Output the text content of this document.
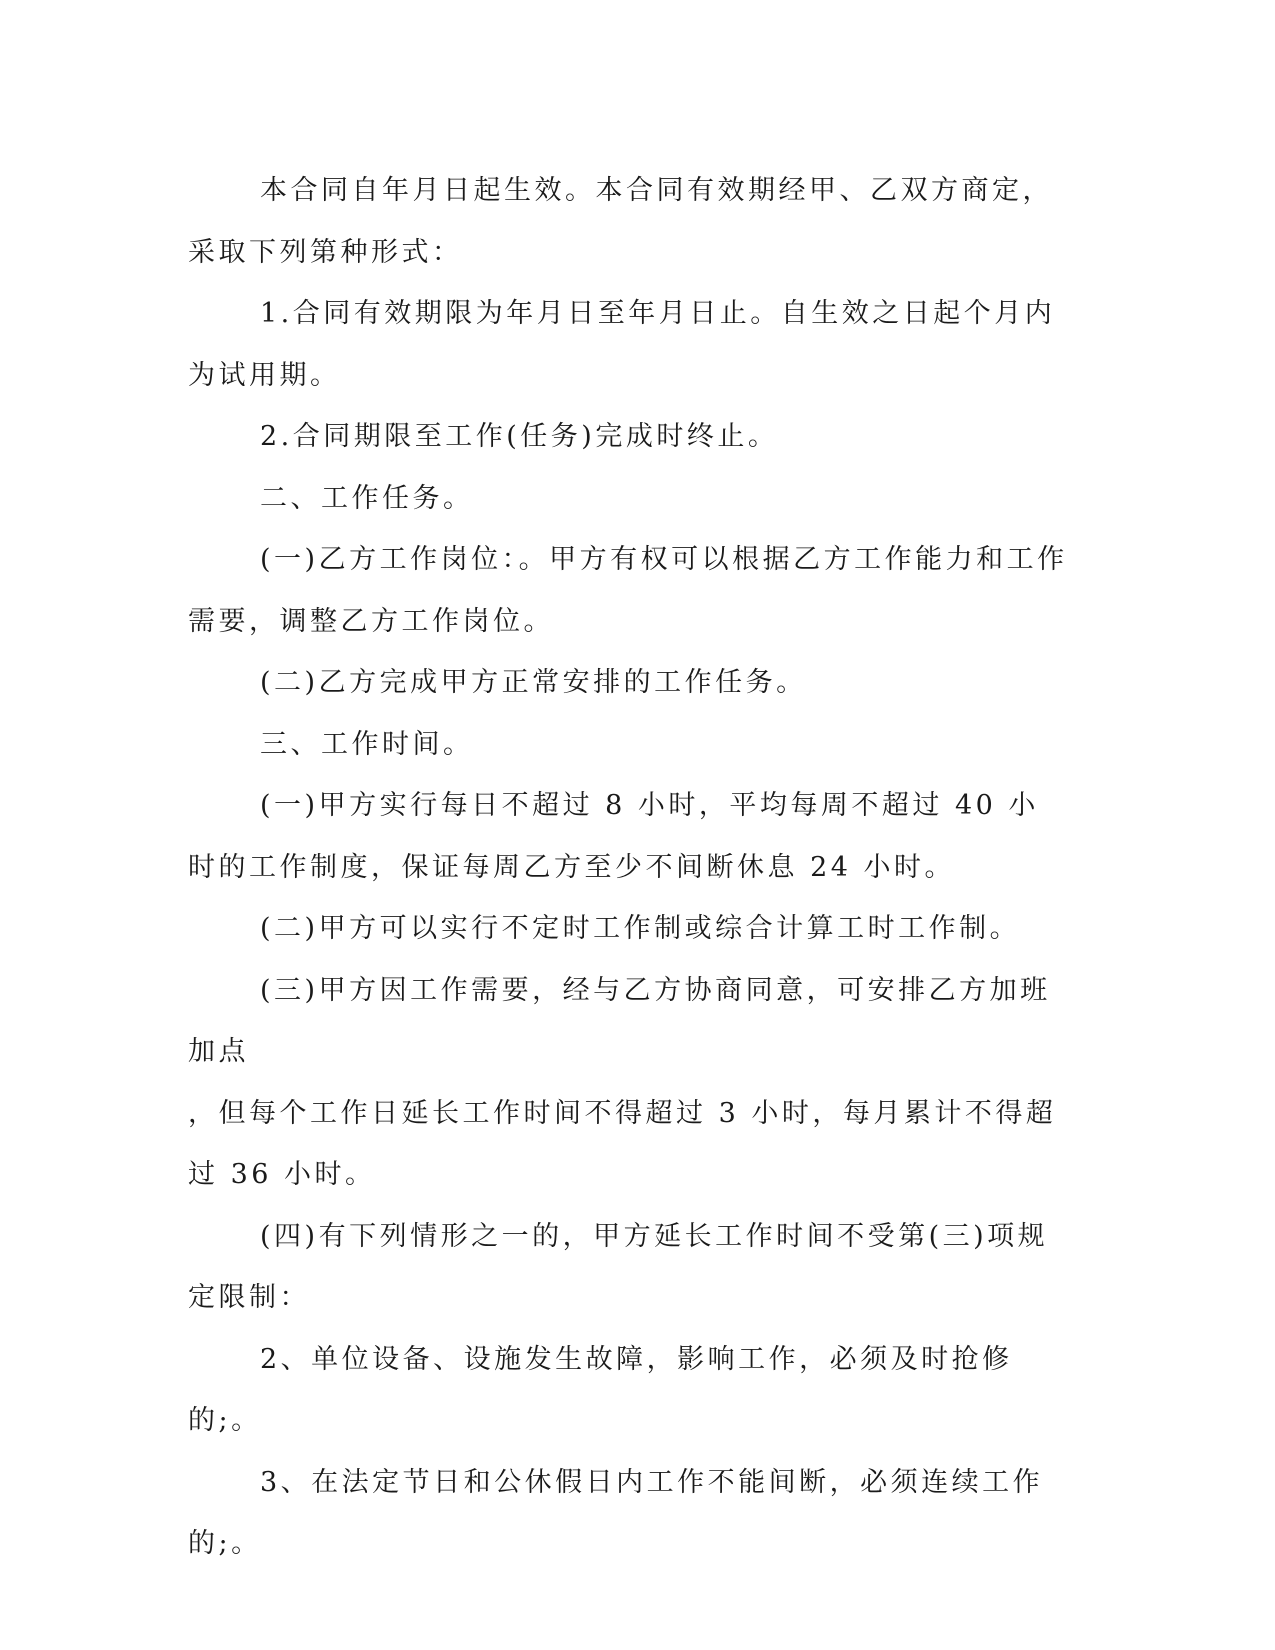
本合同自年月日起生效。本合同有效期经甲、乙双方商定，采取下列第种形式：

1.合同有效期限为年月日至年月日止。自生效之日起个月内为试用期。

2.合同期限至工作(任务)完成时终止。

二、工作任务。

(一)乙方工作岗位：。甲方有权可以根据乙方工作能力和工作需要，调整乙方工作岗位。

(二)乙方完成甲方正常安排的工作任务。

三、工作时间。

(一)甲方实行每日不超过 8 小时，平均每周不超过 40 小时的工作制度，保证每周乙方至少不间断休息 24 小时。

(二)甲方可以实行不定时工作制或综合计算工时工作制。

(三)甲方因工作需要，经与乙方协商同意，可安排乙方加班加点

，但每个工作日延长工作时间不得超过 3 小时，每月累计不得超过 36 小时。

(四)有下列情形之一的，甲方延长工作时间不受第(三)项规定限制：

2、单位设备、设施发生故障，影响工作，必须及时抢修的;。

3、在法定节日和公休假日内工作不能间断，必须连续工作的;。
